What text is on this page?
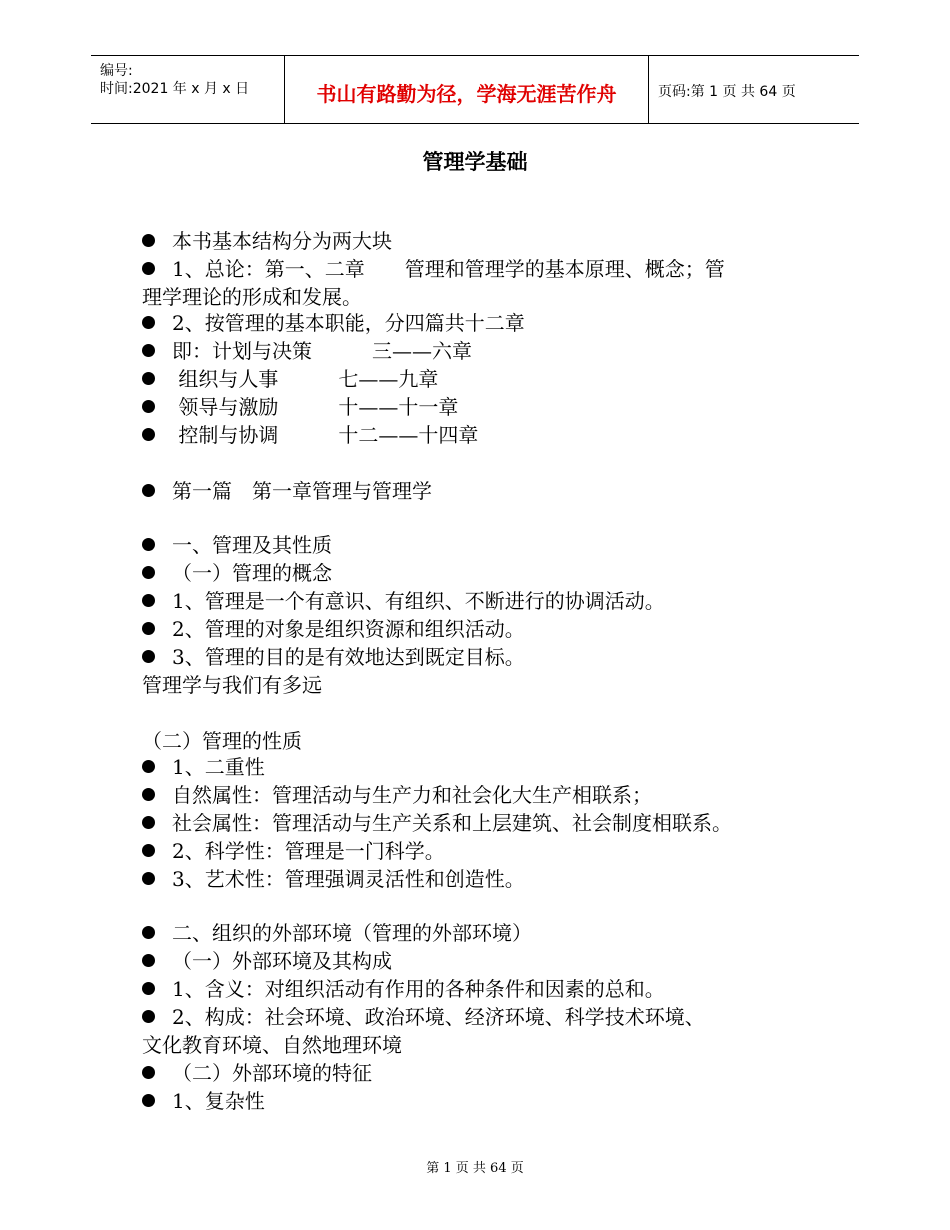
编号:
时间:2021 年 x 月 x 日	书山有路勤为径，学海无涯苦作舟	页码:第 1 页 共 64 页
管理学基础
本书基本结构分为两大块
1、总论：第一、二章　　管理和管理学的基本原理、概念；管
理学理论的形成和发展。
2、按管理的基本职能，分四篇共十二章
即：计划与决策　　　三——六章
组织与人事　　　七——九章
领导与激励　　　十——十一章
控制与协调　　　十二——十四章
第一篇　第一章管理与管理学
一、管理及其性质
（一）管理的概念
1、管理是一个有意识、有组织、不断进行的协调活动。
2、管理的对象是组织资源和组织活动。
3、管理的目的是有效地达到既定目标。
管理学与我们有多远
（二）管理的性质
1、二重性
自然属性：管理活动与生产力和社会化大生产相联系；
社会属性：管理活动与生产关系和上层建筑、社会制度相联系。
2、科学性：管理是一门科学。
3、艺术性：管理强调灵活性和创造性。
二、组织的外部环境（管理的外部环境）
（一）外部环境及其构成
1、含义：对组织活动有作用的各种条件和因素的总和。
2、构成：社会环境、政治环境、经济环境、科学技术环境、
文化教育环境、自然地理环境
（二）外部环境的特征
1、复杂性
第 1 页 共 64 页
